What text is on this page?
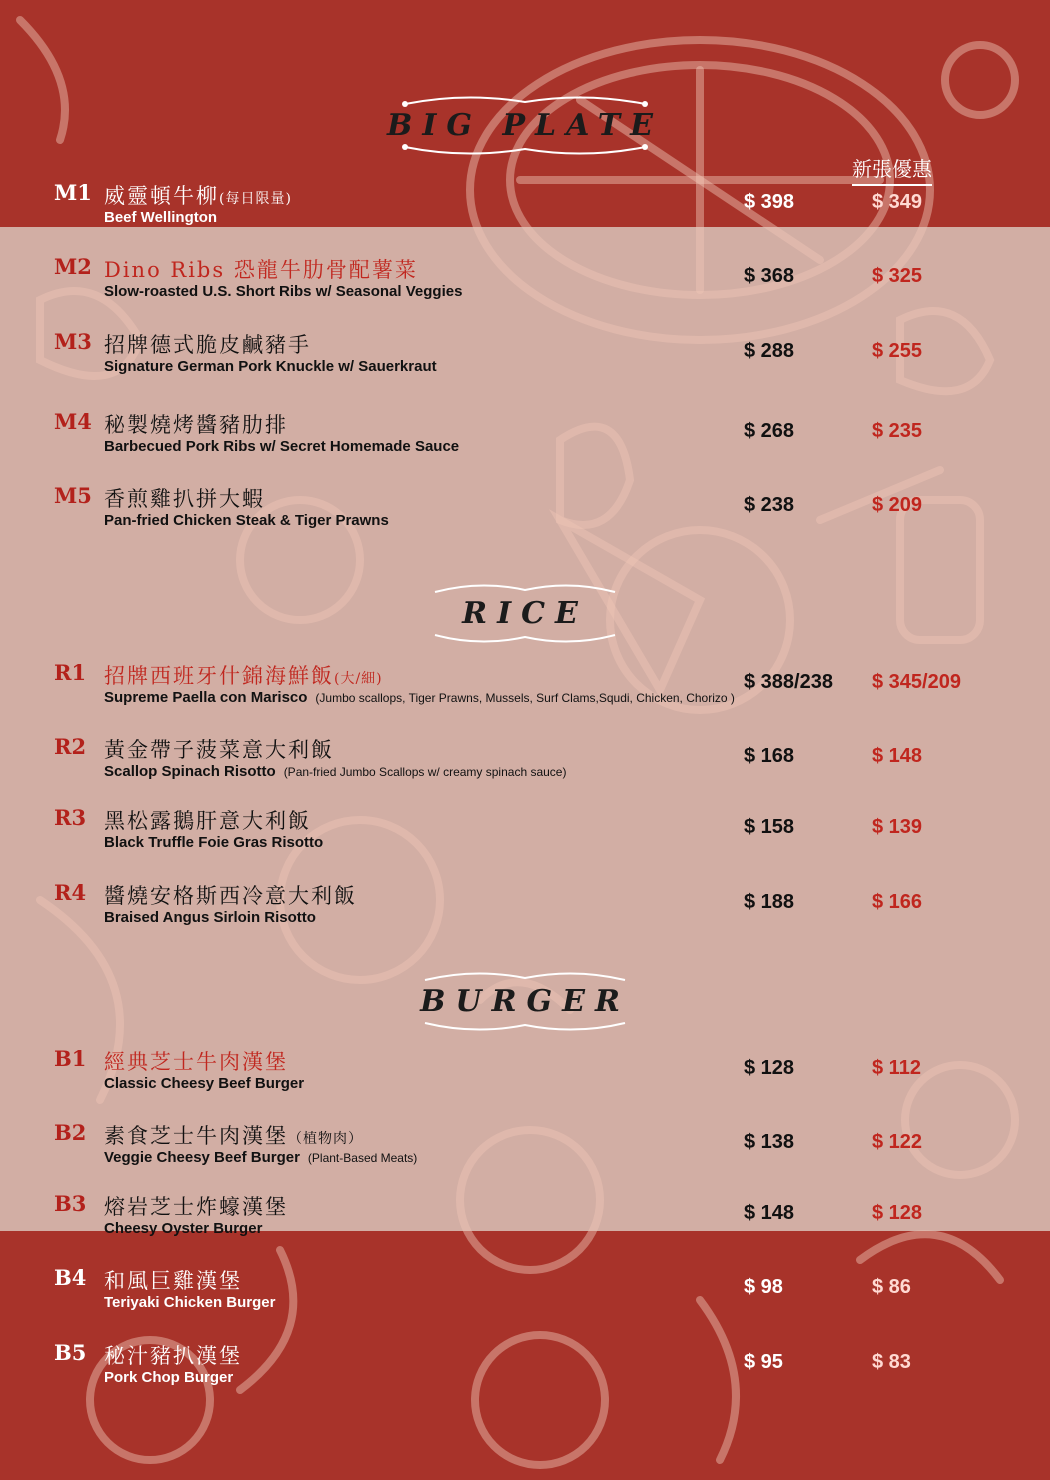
新張優惠
BIG PLATE
M1 威靈頓牛柳(每日限量)
Beef Wellington
$ 398	$ 349
M2 Dino Ribs 恐龍牛肋骨配薯菜
Slow-roasted U.S. Short Ribs w/ Seasonal Veggies
$ 368	$ 325
M3 招牌德式脆皮鹹豬手
Signature German Pork Knuckle w/ Sauerkraut
$ 288	$ 255
M4 秘製燒烤醬豬肋排
Barbecued Pork Ribs w/ Secret Homemade Sauce
$ 268	$ 235
M5 香煎雞扒拼大蝦
Pan-fried Chicken Steak & Tiger Prawns
$ 238	$ 209
RICE
R1 招牌西班牙什錦海鮮飯(大/細)
Supreme Paella con Marisco (Jumbo scallops, Tiger Prawns, Mussels, Surf Clams,Squdi, Chicken, Chorizo )
$ 388/238 $ 345/209
R2 黃金帶子菠菜意大利飯
Scallop Spinach Risotto (Pan-fried Jumbo Scallops w/ creamy spinach sauce)
$ 168	$ 148
R3 黑松露鵝肝意大利飯
Black Truffle Foie Gras Risotto
$ 158	$ 139
R4 醬燒安格斯西冷意大利飯
Braised Angus Sirloin Risotto
$ 188	$ 166
BURGER
B1 經典芝士牛肉漢堡
Classic Cheesy Beef Burger
$ 128	$ 112
B2 素食芝士牛肉漢堡（植物肉）
Veggie Cheesy Beef Burger (Plant-Based Meats)
$ 138	$ 122
B3 熔岩芝士炸蠔漢堡
Cheesy Oyster Burger
$ 148	$ 128
B4 和風巨雞漢堡
Teriyaki Chicken Burger
$ 98	$ 86
B5 秘汁豬扒漢堡
Pork Chop Burger
$ 95	$ 83
